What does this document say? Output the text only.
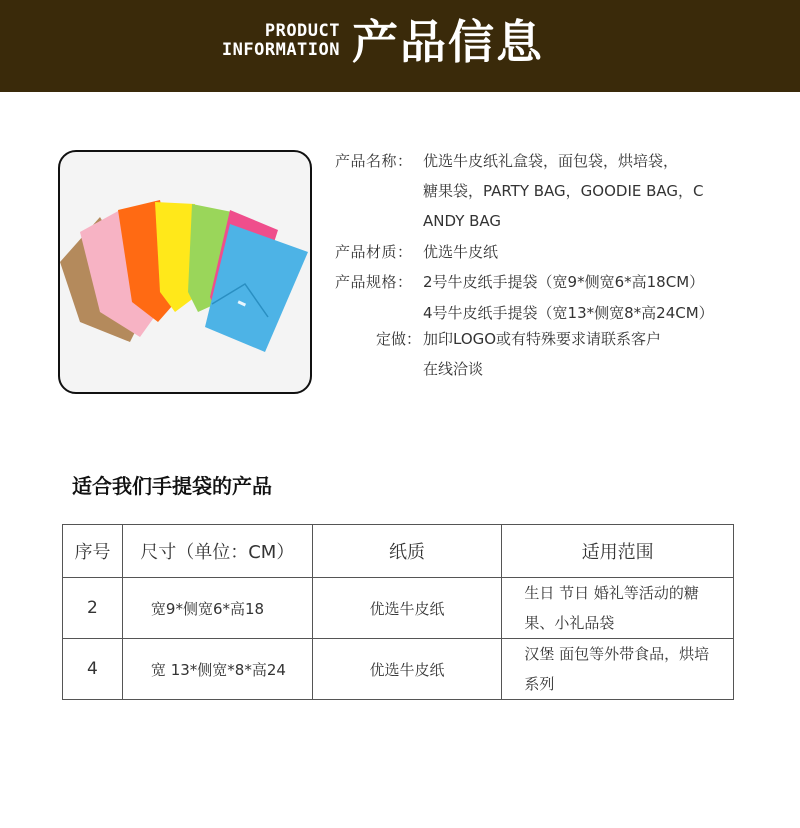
PRODUCT
INFORMATION 产品信息
产品名称： 优选牛皮纸礼盒袋，面包袋，烘培袋，
糖果袋，PARTY BAG，GOODIE BAG，C
ANDY BAG
产品材质： 优选牛皮纸
产品规格： 2号牛皮纸手提袋（宽9*侧宽6*高18CM）
4号牛皮纸手提袋（宽13*侧宽8*高24CM）
定做： 加印LOGO或有特殊要求请联系客户
在线洽谈
适合我们手提袋的产品
序号	尺寸（单位：CM）	纸质	适用范围
2	宽9*侧宽6*高18	优选牛皮纸	生日 节日 婚礼等活动的糖
果、小礼品袋

4	宽 13*侧宽*8*高24	优选牛皮纸	汉堡 面包等外带食品，烘培
系列
